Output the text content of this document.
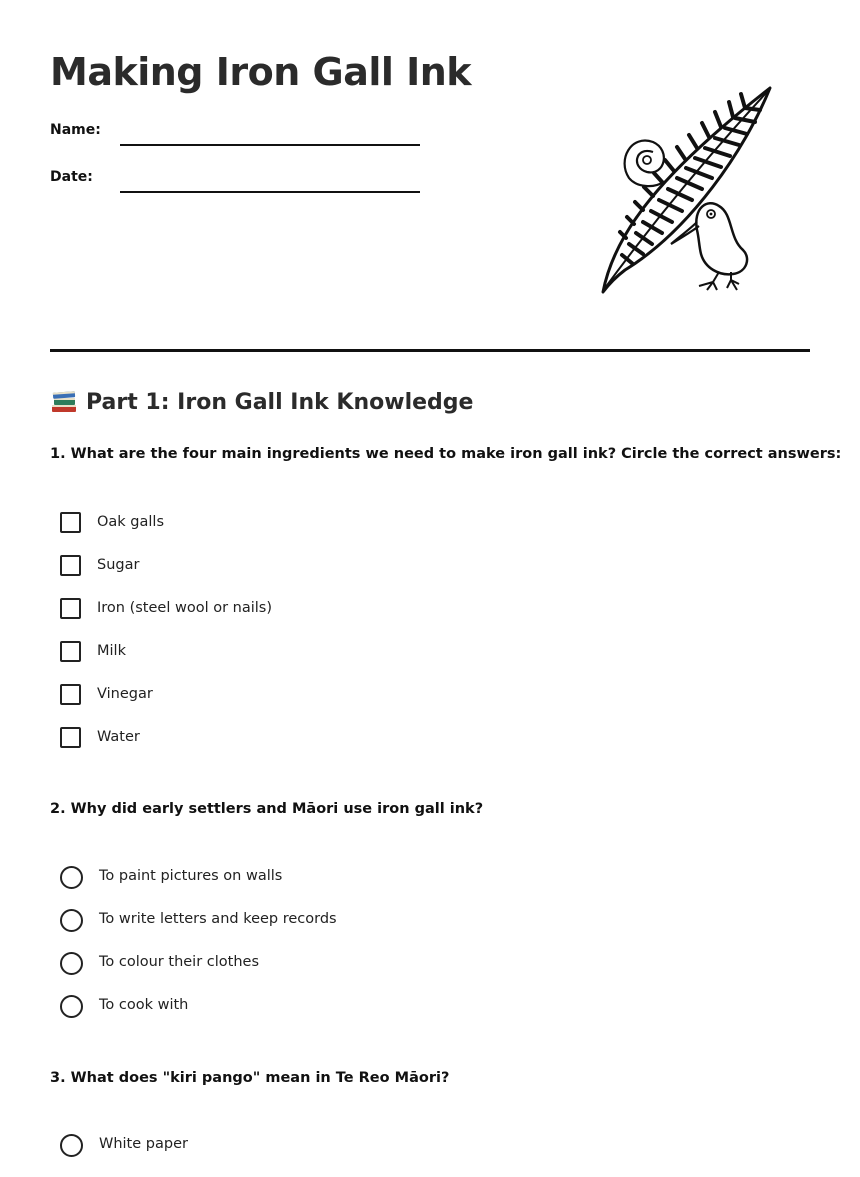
Making Iron Gall Ink
Name:
Date:
Part 1: Iron Gall Ink Knowledge

1. What are the four main ingredients we need to make iron gall ink? Circle the correct answers:

Oak galls
Sugar
Iron (steel wool or nails)
Milk
Vinegar
Water

2. Why did early settlers and Māori use iron gall ink?

To paint pictures on walls
To write letters and keep records
To colour their clothes
To cook with

3. What does "kiri pango" mean in Te Reo Māori?

White paper
